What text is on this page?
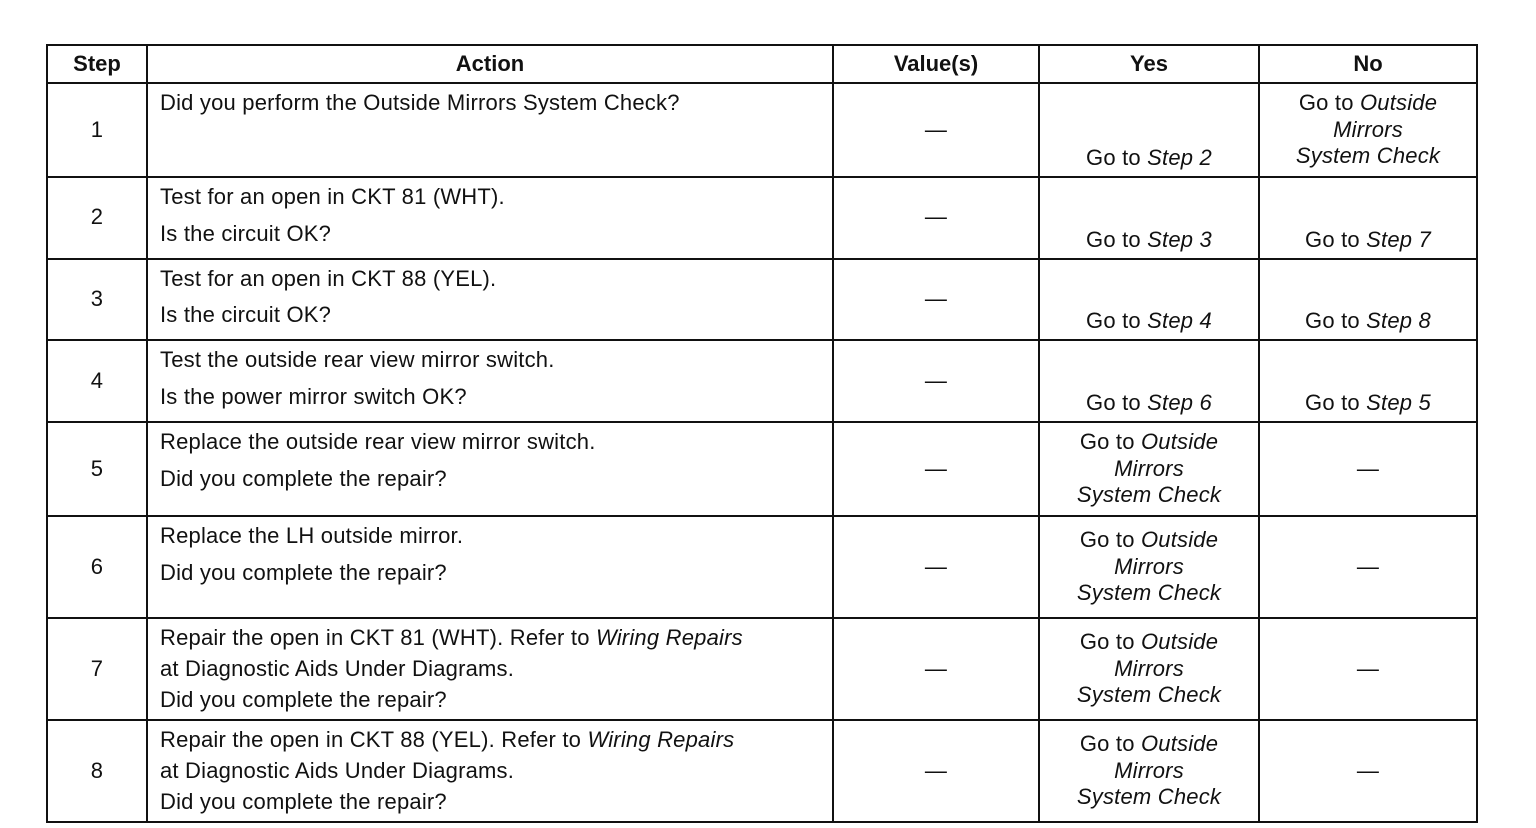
Step	Action	Value(s)	Yes	No
1	Did you perform the Outside Mirrors System Check?	—	Go to Step 2	Go to Outside
Mirrors
System Check
2	Test for an open in CKT 81 (WHT).
Is the circuit OK?	—	Go to Step 3	Go to Step 7
3	Test for an open in CKT 88 (YEL).
Is the circuit OK?	—	Go to Step 4	Go to Step 8
4	Test the outside rear view mirror switch.
Is the power mirror switch OK?	—	Go to Step 6	Go to Step 5
5	Replace the outside rear view mirror switch.
Did you complete the repair?	—	Go to Outside
Mirrors
System Check	—
6	Replace the LH outside mirror.
Did you complete the repair?	—	Go to Outside
Mirrors
System Check	—
7	Repair the open in CKT 81 (WHT). Refer to Wiring Repairs
at Diagnostic Aids Under Diagrams.
Did you complete the repair?	—	Go to Outside
Mirrors
System Check	—
8	Repair the open in CKT 88 (YEL). Refer to Wiring Repairs
at Diagnostic Aids Under Diagrams.
Did you complete the repair?	—	Go to Outside
Mirrors
System Check	—
